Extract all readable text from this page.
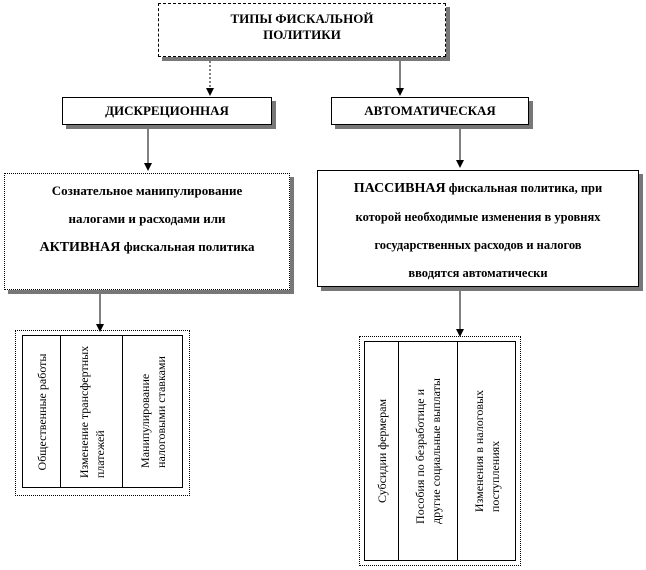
ТИПЫ ФИСКАЛЬНОЙ
ПОЛИТИКИ
ДИСКРЕЦИОННАЯ	АВТОМАТИЧЕСКАЯ
Сознательное манипулирование
налогами и расходами или
АКТИВНАЯ фискальная политика
ПАССИВНАЯ фискальная политика, при
которой необходимые изменения в уровнях
государственных расходов и налогов
вводятся автоматически
Общественные работы Изменение трансфертных платежей	Манипулирование налоговыми ставками	Субсидии фермерам Пособия по безработице и другие социальные выплаты Изменения в налоговых поступлениях
